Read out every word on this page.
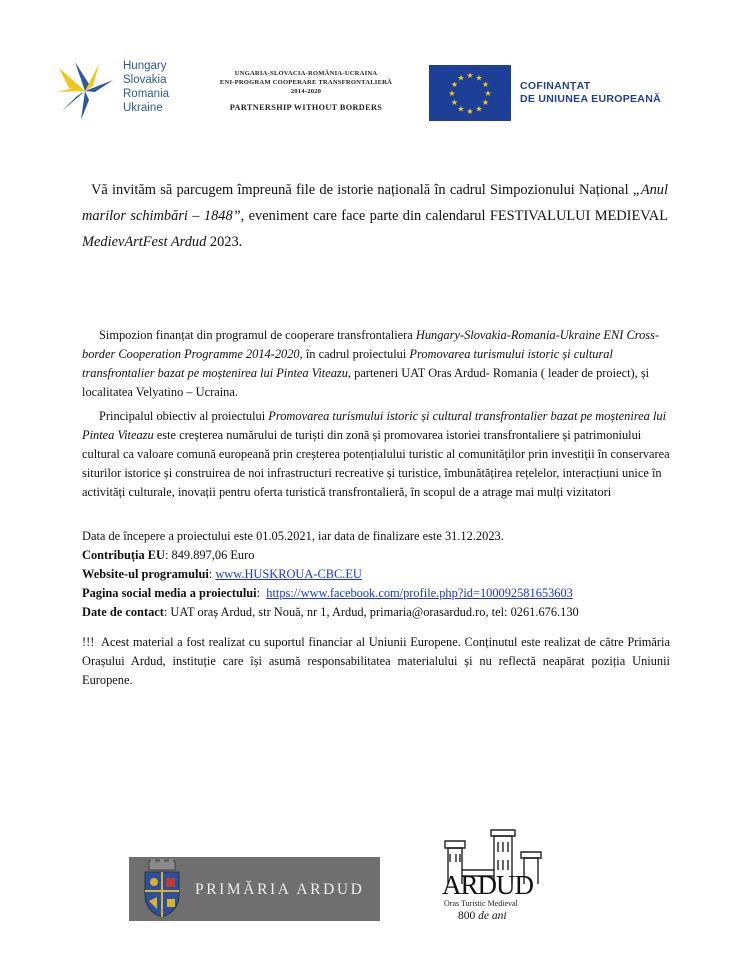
Hungary
Slovakia
Romania
Ukraine
UNGARIA-SLOVACIA-ROMÂNIA-UCRAINA
ENI-PROGRAM COOPERARE TRANSFRONTALIERĂ
2014-2020
PARTNERSHIP WITHOUT BORDERS
★ ★
★
★
★
★
★
★
★
★
★
★
COFINANȚAT
DE UNIUNEA EUROPEANĂ
Vă invităm să parcugem împreună file de istorie națională în cadrul Simpozionului Național „Anul marilor schimbări – 1848”, eveniment care face parte din calendarul FESTIVALULUI MEDIEVAL MedievArtFest Ardud 2023.
Simpozion finanțat din programul de cooperare transfrontaliera Hungary-Slovakia-Romania-Ukraine ENI Cross-border Cooperation Programme 2014-2020, în cadrul proiectului Promovarea turismului istoric și cultural transfrontalier bazat pe moștenirea lui Pintea Viteazu, parteneri UAT Oras Ardud- Romania ( leader de proiect), și localitatea Velyatino – Ucraina.
Principalul obiectiv al proiectului Promovarea turismului istoric și cultural transfrontalier bazat pe moștenirea lui Pintea Viteazu este creșterea numărului de turiști din zonă și promovarea istoriei transfrontaliere și patrimoniului cultural ca valoare comună europeană prin creșterea potențialului turistic al comunităților prin investiții în conservarea siturilor istorice și construirea de noi infrastructuri recreative și turistice, îmbunătățirea rețelelor, interacțiuni unice în activități culturale, inovații pentru oferta turistică transfrontalieră, în scopul de a atrage mai mulți vizitatori
Data de începere a proiectului este 01.05.2021, iar data de finalizare este 31.12.2023.
Contribuția EU: 849.897,06 Euro
Website-ul programului: www.HUSKROUA-CBC.EU
Pagina social media a proiectului:  https://www.facebook.com/profile.php?id=100092581653603
Date de contact: UAT oraș Ardud, str Nouă, nr 1, Ardud, primaria@orasardud.ro, tel: 0261.676.130
!!!  Acest material a fost realizat cu suportul financiar al Uniunii Europene. Conținutul este realizat de către Primăria Orașului Ardud, instituție care își asumă responsabilitatea materialului și nu reflectă neapărat poziția Uniunii Europene.
PRIMĂRIA ARDUD	ARDUD
Oras Turistic Medieval
800 de ani
